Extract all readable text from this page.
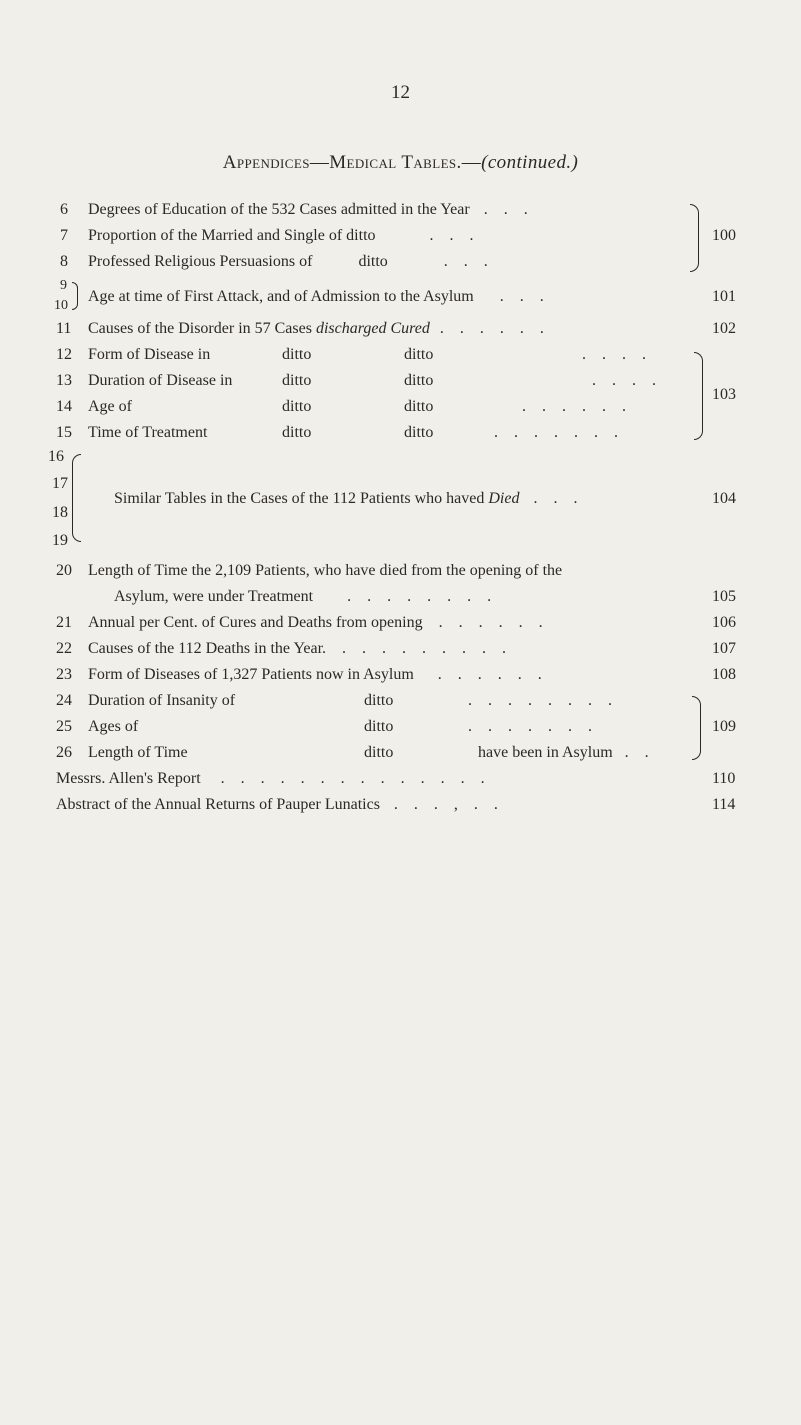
12
Appendices—Medical Tables.—(continued.)
6 Degrees of Education of the 532 Cases admitted in the Year . . .
7 Proportion of the Married and Single of ditto	. . .
8 Professed Religious Persuasions of	ditto	. . .
100
9
10
Age at time of First Attack, and of Admission to the Asylum . . .	101
11 Causes of the Disorder in 57 Cases discharged Cured . . . . . .	102
12 Form of Disease in	ditto	ditto	. . . .
13 Duration of Disease in	ditto	ditto	. . . .
14 Age of	ditto	ditto	. . . . . .
15 Time of Treatment	ditto	ditto	. . . . . . .
103
16
17
18
19
Similar Tables in the Cases of the 112 Patients who haved Died . . .	104
20 Length of Time the 2,109 Patients, who have died from the opening of the
Asylum, were under Treatment . . . . . . . .	105
21 Annual per Cent. of Cures and Deaths from opening . . . . . .	106
22 Causes of the 112 Deaths in the Year. . . . . . . . . .	107
23 Form of Diseases of 1,327 Patients now in Asylum . . . . . .	108
24 Duration of Insanity of	ditto	. . . . . . . .
25 Ages of	ditto	. . . . . . .
26 Length of Time	ditto	have been in Asylum . .
109
Messrs. Allen's Report . . . . . . . . . . . . . .	110
Abstract of the Annual Returns of Pauper Lunatics . . . , . .	114
